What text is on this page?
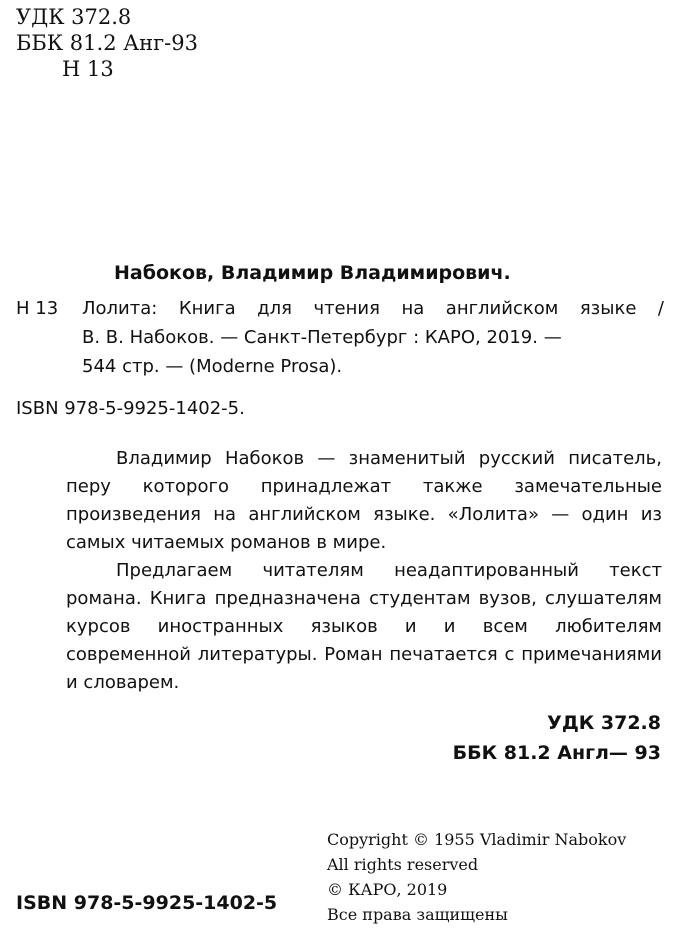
УДК 372.8
ББК 81.2 Анг-93
Н 13
Набоков, Владимир Владимирович.
Н 13	Лолита: Книга для чтения на английском языке /
В. В. Набоков. — Санкт-Петербург : КАРО, 2019. —
544 стр. — (Moderne Prosa).
ISBN 978-5-9925-1402-5.

Владимир Набоков — знаменитый русский писатель, перу которого принадлежат также замечательные произведения на английском языке. «Лолита» — один из самых читаемых романов в мире.

Предлагаем читателям неадаптированный текст романа. Книга предназначена студентам вузов, слушателям курсов иностранных языков и и всем любителям современной литературы. Роман печатается с примечаниями и словарем.

УДК 372.8
ББК 81.2 Англ— 93
Copyright © 1955 Vladimir Nabokov
All rights reserved
© КАРО, 2019
Все права защищены
ISBN 978-5-9925-1402-5
